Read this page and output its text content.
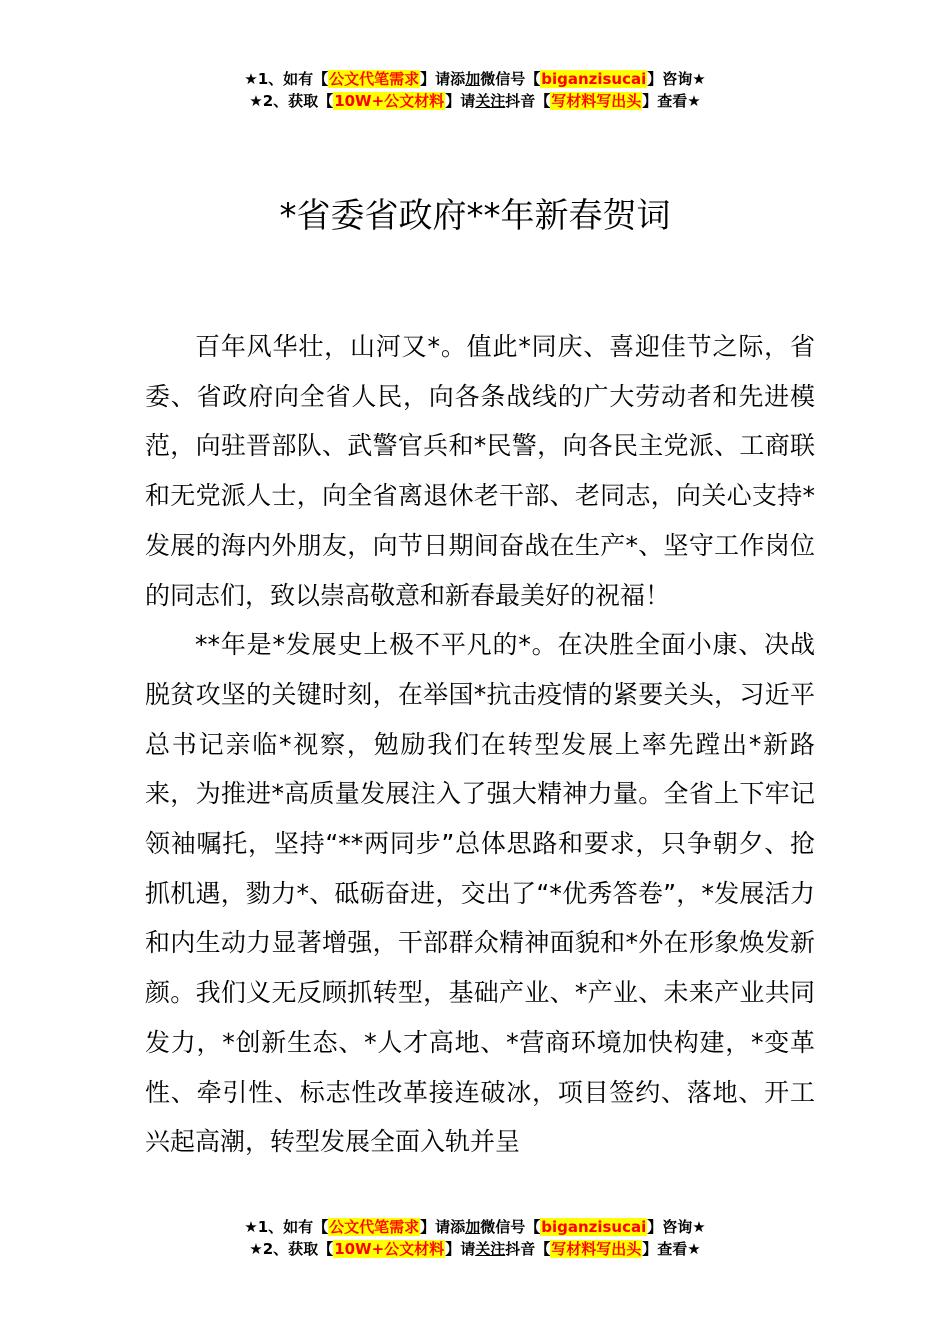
★1、如有【公文代笔需求】请添加微信号【biganzisucai】咨询★
★2、获取【10W+公文材料】请关注抖音【写材料写出头】查看★
*省委省政府**年新春贺词

百年风华壮，山河又*。值此*同庆、喜迎佳节之际，省委、省政府向全省人民，向各条战线的广大劳动者和先进模范，向驻晋部队、武警官兵和*民警，向各民主党派、工商联和无党派人士，向全省离退休老干部、老同志，向关心支持*发展的海内外朋友，向节日期间奋战在生产*、坚守工作岗位的同志们，致以崇高敬意和新春最美好的祝福！

**年是*发展史上极不平凡的*。在决胜全面小康、决战脱贫攻坚的关键时刻，在举国*抗击疫情的紧要关头，习近平总书记亲临*视察，勉励我们在转型发展上率先蹚出*新路来，为推进*高质量发展注入了强大精神力量。全省上下牢记领袖嘱托，坚持“**两同步”总体思路和要求，只争朝夕、抢抓机遇，勠力*、砥砺奋进，交出了“*优秀答卷”，*发展活力和内生动力显著增强，干部群众精神面貌和*外在形象焕发新颜。我们义无反顾抓转型，基础产业、*产业、未来产业共同发力，*创新生态、*人才高地、*营商环境加快构建，*变革性、牵引性、标志性改革接连破冰，项目签约、落地、开工兴起高潮，转型发展全面入轨并呈

★1、如有【公文代笔需求】请添加微信号【biganzisucai】咨询★
★2、获取【10W+公文材料】请关注抖音【写材料写出头】查看★
